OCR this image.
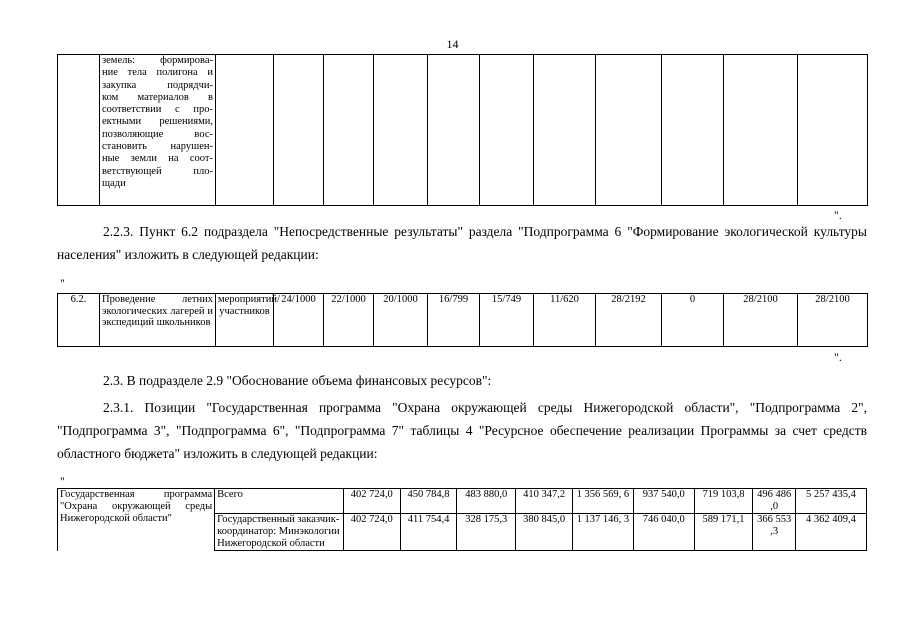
14

земель: формирова-
ние тела полигона и
закупка подрядчи-
ком материалов в
соответствии с про-
ектными решениями,
позволяющие вос-
становить нарушен-
ные земли на соот-
ветствующей пло-
щади

".
2.2.3. Пункт 6.2 подраздела "Непосредственные результаты" раздела "Подпрограмма 6 "Формирование экологической культуры населения" изложить в следующей редакции:
"
6.2.	Проведение летних экологических лагерей и экспедиций школьников	мероприятий/ участников	24/1000	22/1000	20/1000	16/799	15/749	11/620	28/2192	0	28/2100	28/2100
".
2.3. В подразделе 2.9 "Обоснование объема финансовых ресурсов":
2.3.1. Позиции "Государственная программа "Охрана окружающей среды Нижегородской области", "Подпрограмма 2", "Подпрограмма 3", "Подпрограмма 6", "Подпрограмма 7" таблицы 4 "Ресурсное обеспечение реализации Программы за счет средств областного бюджета" изложить в следующей редакции:
"
Государственная программа "Охрана окружающей среды Нижегородской области"	Всего	402 724,0	450 784,8	483 880,0	410 347,2	1 356 569, 6	937 540,0	719 103,8	496 486 ,0	5 257 435,4
	Государственный заказчик-координатор: Минэкологии Нижегородской области	402 724,0	411 754,4	328 175,3	380 845,0	1 137 146, 3	746 040,0	589 171,1	366 553 ,3	4 362 409,4
